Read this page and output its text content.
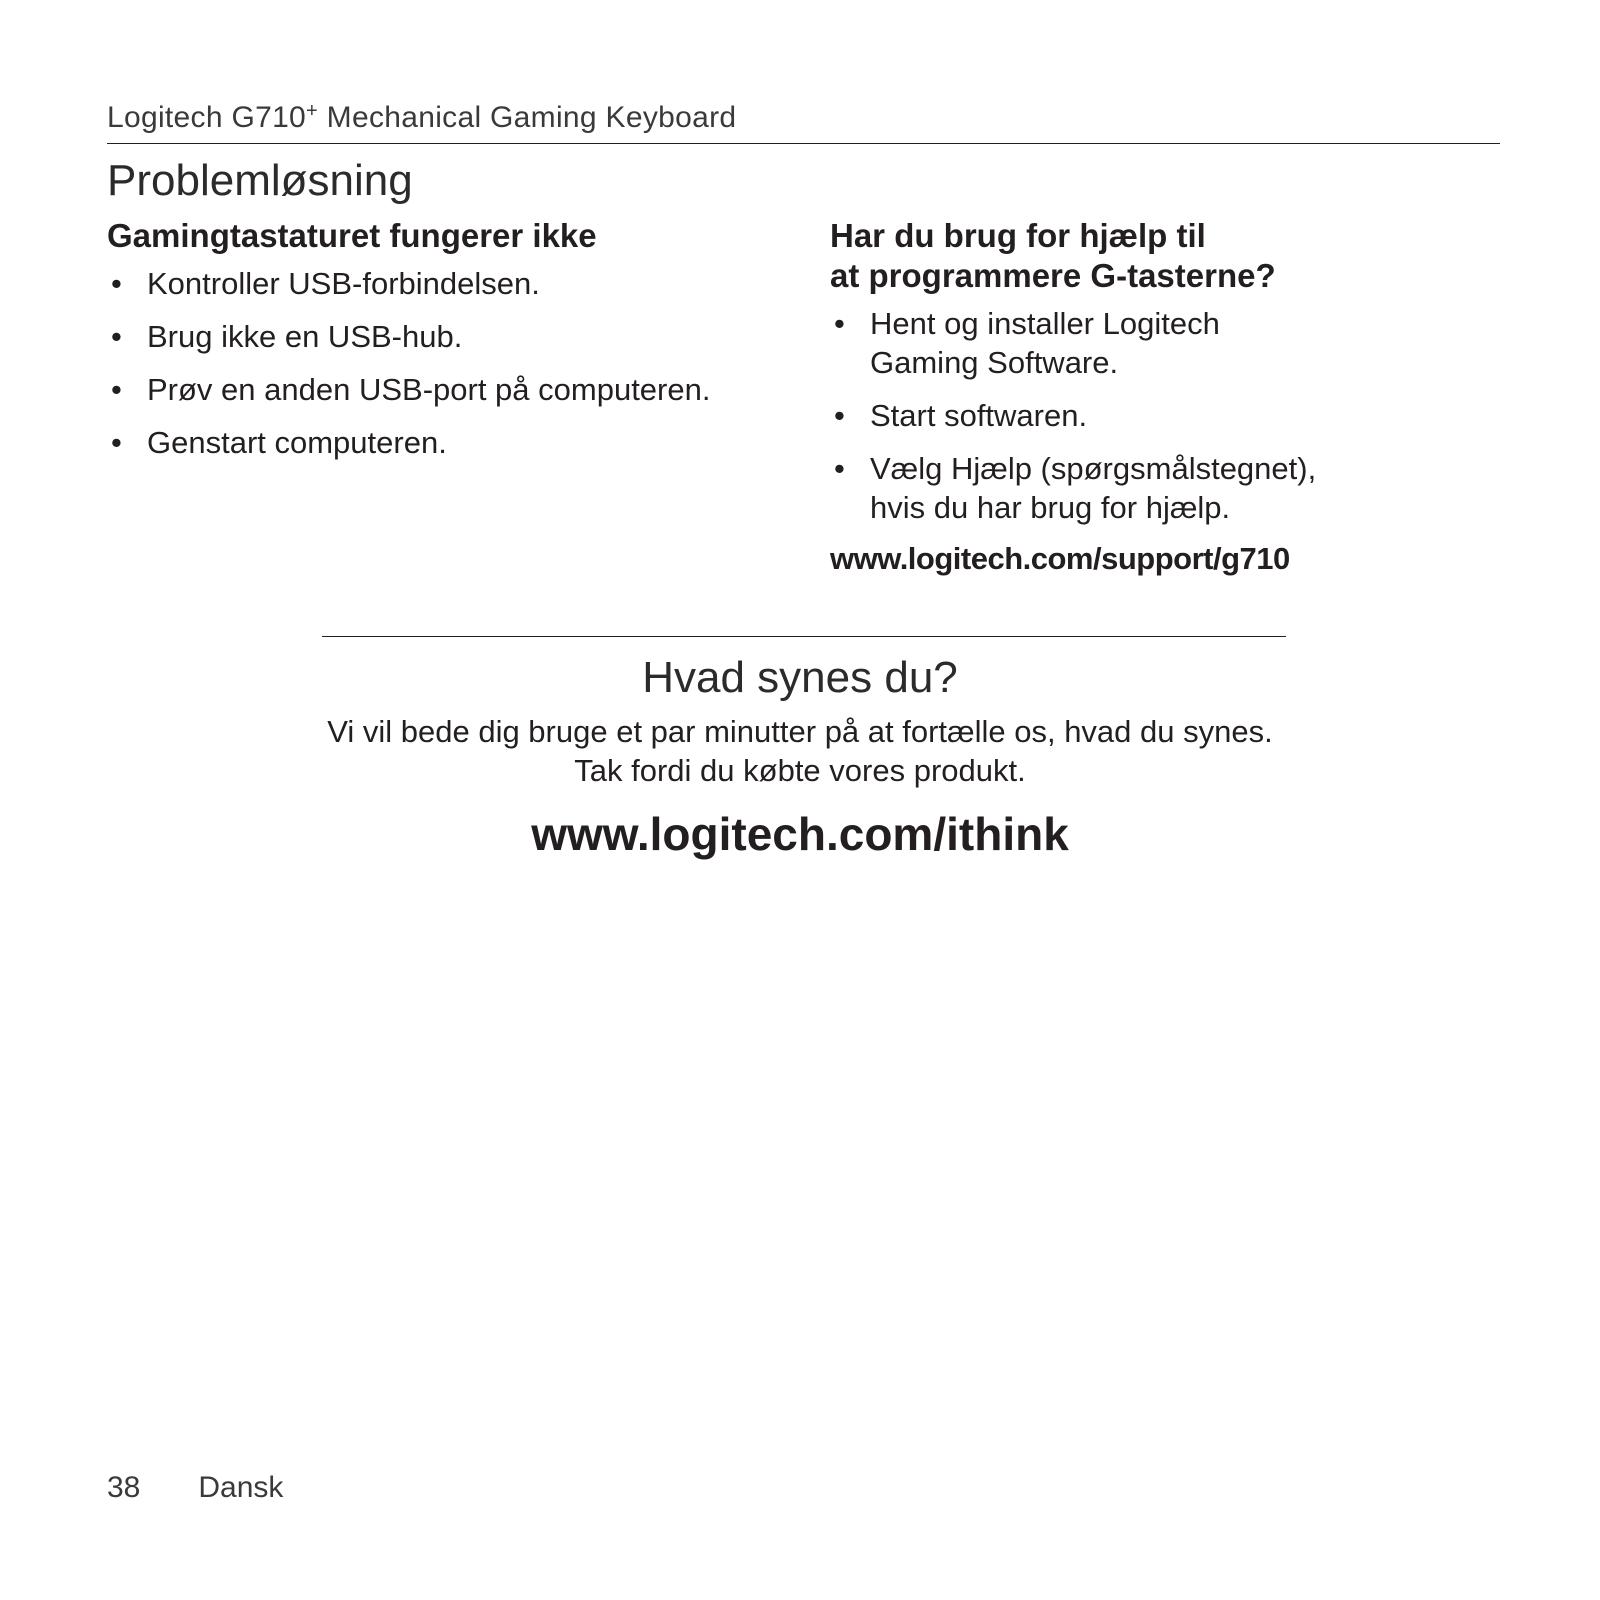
Logitech G710+ Mechanical Gaming Keyboard
Problemløsning
Gamingtastaturet fungerer ikke
• Kontroller USB-forbindelsen.
• Brug ikke en USB-hub.
• Prøv en anden USB-port på computeren.
• Genstart computeren.
Har du brug for hjælp til
at programmere G-tasterne?
• Hent og installer Logitech
Gaming Software.
• Start softwaren.
• Vælg Hjælp (spørgsmålstegnet),
hvis du har brug for hjælp.
www.logitech.com/support/g710
Hvad synes du?
Vi vil bede dig bruge et par minutter på at fortælle os, hvad du synes.
Tak fordi du købte vores produkt.
www.logitech.com/ithink
38 Dansk
